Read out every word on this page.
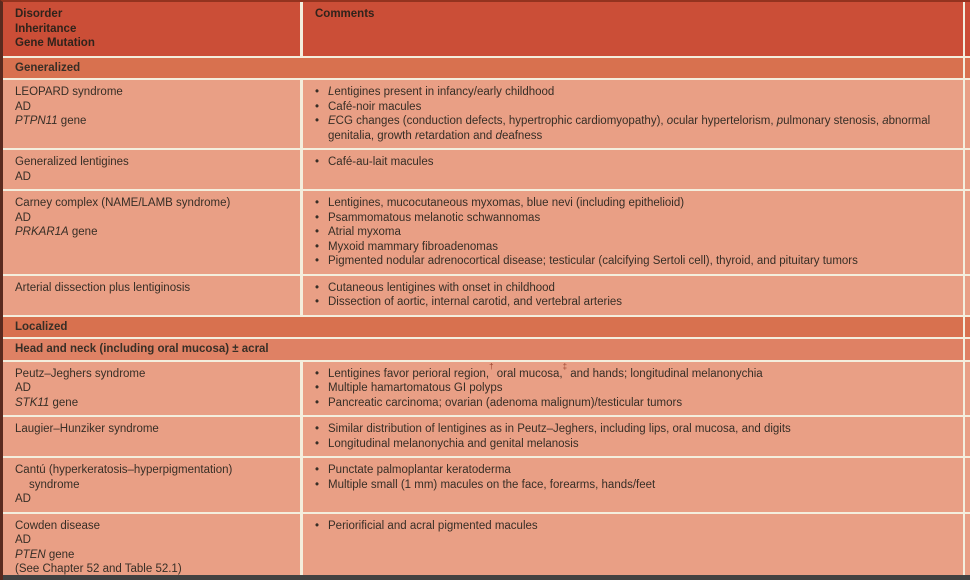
Disorder
Inheritance
Gene Mutation
Comments
Generalized
LEOPARD syndrome
AD
PTPN11 gene
• Lentigines present in infancy/early childhood
• Café-noir macules
• ECG changes (conduction defects, hypertrophic cardiomyopathy), ocular hypertelorism, pulmonary stenosis, abnormal genitalia, growth retardation and deafness
Generalized lentigines
AD
• Café-au-lait macules
Carney complex (NAME/LAMB syndrome)
AD
PRKAR1A gene
• Lentigines, mucocutaneous myxomas, blue nevi (including epithelioid)
• Psammomatous melanotic schwannomas
• Atrial myxoma
• Myxoid mammary fibroadenomas
• Pigmented nodular adrenocortical disease; testicular (calcifying Sertoli cell), thyroid, and pituitary tumors
Arterial dissection plus lentiginosis	• Cutaneous lentigines with onset in childhood
• Dissection of aortic, internal carotid, and vertebral arteries
Localized
Head and neck (including oral mucosa) ± acral
Peutz–Jeghers syndrome
AD
STK11 gene
• Lentigines favor perioral region,† oral mucosa,‡ and hands; longitudinal melanonychia
• Multiple hamartomatous GI polyps
• Pancreatic carcinoma; ovarian (adenoma malignum)/testicular tumors
Laugier–Hunziker syndrome	• Similar distribution of lentigines as in Peutz–Jeghers, including lips, oral mucosa, and digits
• Longitudinal melanonychia and genital melanosis
Cantú (hyperkeratosis–hyperpigmentation)
syndrome
AD
• Punctate palmoplantar keratoderma
• Multiple small (1 mm) macules on the face, forearms, hands/feet
Cowden disease
AD
PTEN gene
(See Chapter 52 and Table 52.1)
• Periorificial and acral pigmented macules
